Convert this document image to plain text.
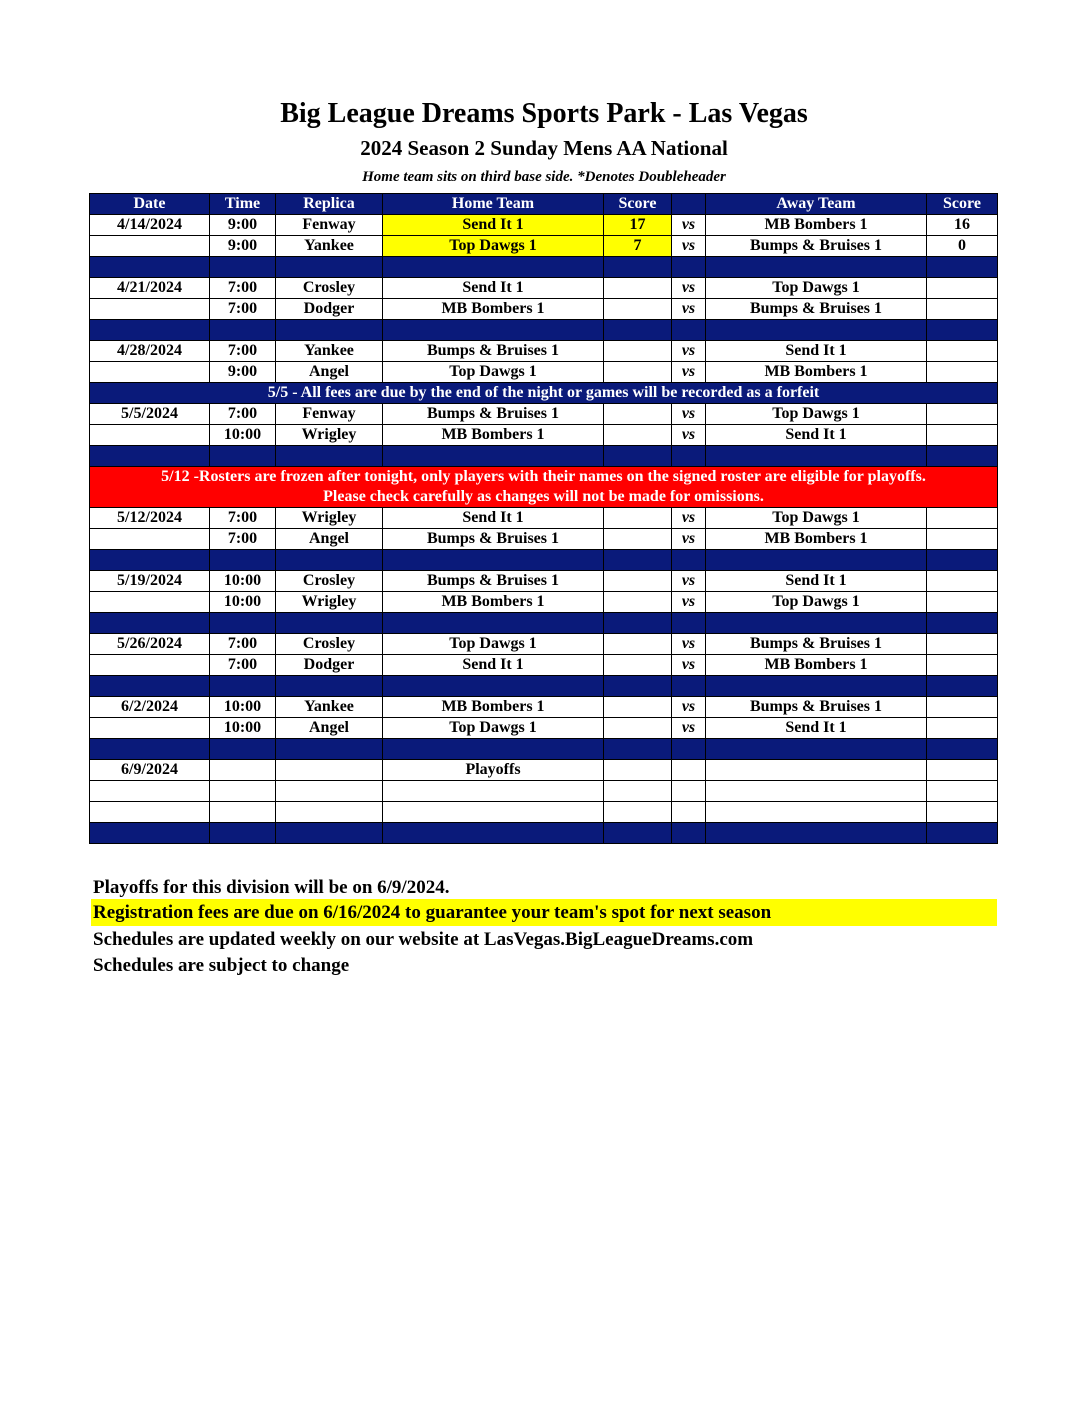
Big League Dreams Sports Park - Las Vegas
2024 Season 2 Sunday Mens AA National
Home team sits on third base side. *Denotes Doubleheader
Date	Time	Replica	Home Team	Score		Away Team	Score
4/14/2024	9:00	Fenway	Send It 1	17	vs	MB Bombers 1	16
	9:00	Yankee	Top Dawgs 1	7	vs	Bumps & Bruises 1	0

4/21/2024	7:00	Crosley	Send It 1		vs	Top Dawgs 1	
	7:00	Dodger	MB Bombers 1		vs	Bumps & Bruises 1	

4/28/2024	7:00	Yankee	Bumps & Bruises 1		vs	Send It 1	
	9:00	Angel	Top Dawgs 1		vs	MB Bombers 1	
5/5 - All fees are due by the end of the night or games will be recorded as a forfeit							
5/5/2024	7:00	Fenway	Bumps & Bruises 1		vs	Top Dawgs 1	
	10:00	Wrigley	MB Bombers 1		vs	Send It 1	

5/12 -Rosters are frozen after tonight, only players with their names on the signed roster are eligible for playoffs.
Please check carefully as changes will not be made for omissions.							

5/12/2024	7:00	Wrigley	Send It 1		vs	Top Dawgs 1	
	7:00	Angel	Bumps & Bruises 1		vs	MB Bombers 1	

5/19/2024	10:00	Crosley	Bumps & Bruises 1		vs	Send It 1	
	10:00	Wrigley	MB Bombers 1		vs	Top Dawgs 1	

5/26/2024	7:00	Crosley	Top Dawgs 1		vs	Bumps & Bruises 1	
	7:00	Dodger	Send It 1		vs	MB Bombers 1	

6/2/2024	10:00	Yankee	MB Bombers 1		vs	Bumps & Bruises 1	
	10:00	Angel	Top Dawgs 1		vs	Send It 1	

6/9/2024			Playoffs				

Playoffs for this division will be on 6/9/2024.
Registration fees are due on 6/16/2024 to guarantee your team's spot for next season
Schedules are updated weekly on our website at LasVegas.BigLeagueDreams.com
Schedules are subject to change
